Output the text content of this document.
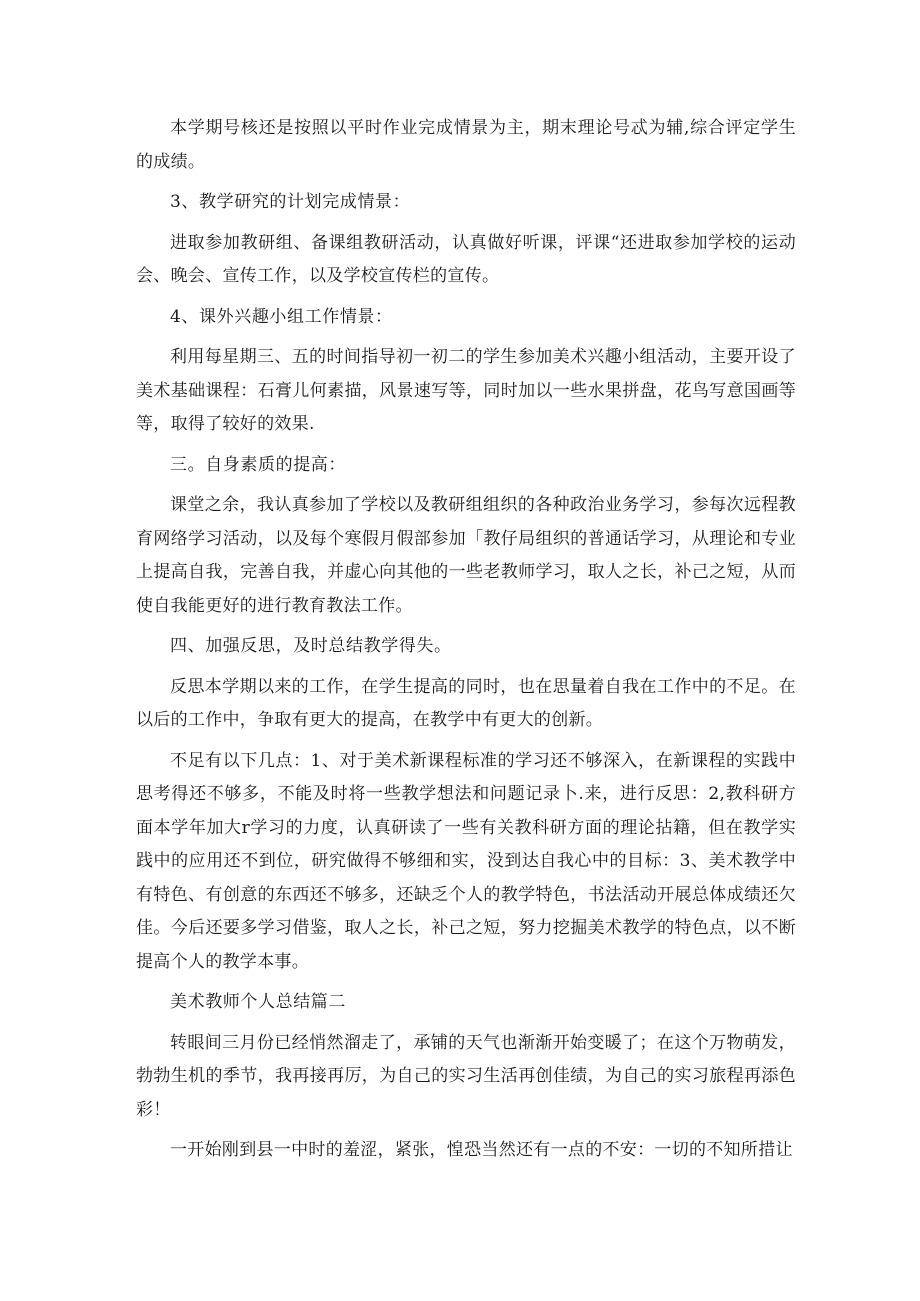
本学期号核还是按照以平时作业完成情景为主，期末理论号忒为辅,综合评定学生的成绩。

3、教学研究的计划完成情景：

进取参加教研组、备课组教研活动，认真做好听课，评课“还进取参加学校的运动会、晚会、宣传工作，以及学校宣传栏的宣传。

4、课外兴趣小组工作情景：

利用每星期三、五的时间指导初一初二的学生参加美术兴趣小组活动，主要开设了美术基础课程：石膏儿何素描，风景速写等，同时加以一些水果拼盘，花鸟写意国画等等，取得了较好的效果.

三。自身素质的提高：

课堂之余，我认真参加了学校以及教研组组织的各种政治业务学习，参每次远程教育网络学习活动，以及每个寒假月假部参加「教仔局组织的普通话学习，从理论和专业上提高自我，完善自我，并虚心向其他的一些老教师学习，取人之长，补己之短，从而使自我能更好的进行教育教法工作。

四、加强反思，及时总结教学得失。

反思本学期以来的工作，在学生提高的同时，也在思量着自我在工作中的不足。在以后的工作中，争取有更大的提高，在教学中有更大的创新。

不足有以下几点：1、对于美术新课程标准的学习还不够深入，在新课程的实践中思考得还不够多，不能及时将一些教学想法和问题记录卜.来，进行反思：2,教科研方面本学年加大r学习的力度，认真研读了一些有关教科研方面的理论拈籍，但在教学实践中的应用还不到位，研究做得不够细和实，没到达自我心中的目标：3、美术教学中有特色、有创意的东西还不够多，还缺乏个人的教学特色，书法活动开展总体成绩还欠佳。今后还要多学习借鉴，取人之长，补己之短，努力挖掘美术教学的特色点，以不断提高个人的教学本事。

美术教师个人总结篇二

转眼间三月份已经悄然溜走了，承铺的天气也渐渐开始变暖了；在这个万物萌发，勃勃生机的季节，我再接再厉，为自己的实习生活再创佳绩，为自己的实习旅程再添色彩！

一开始刚到县一中时的羞涩，紧张，惶恐当然还有一点的不安：一切的不知所措让
